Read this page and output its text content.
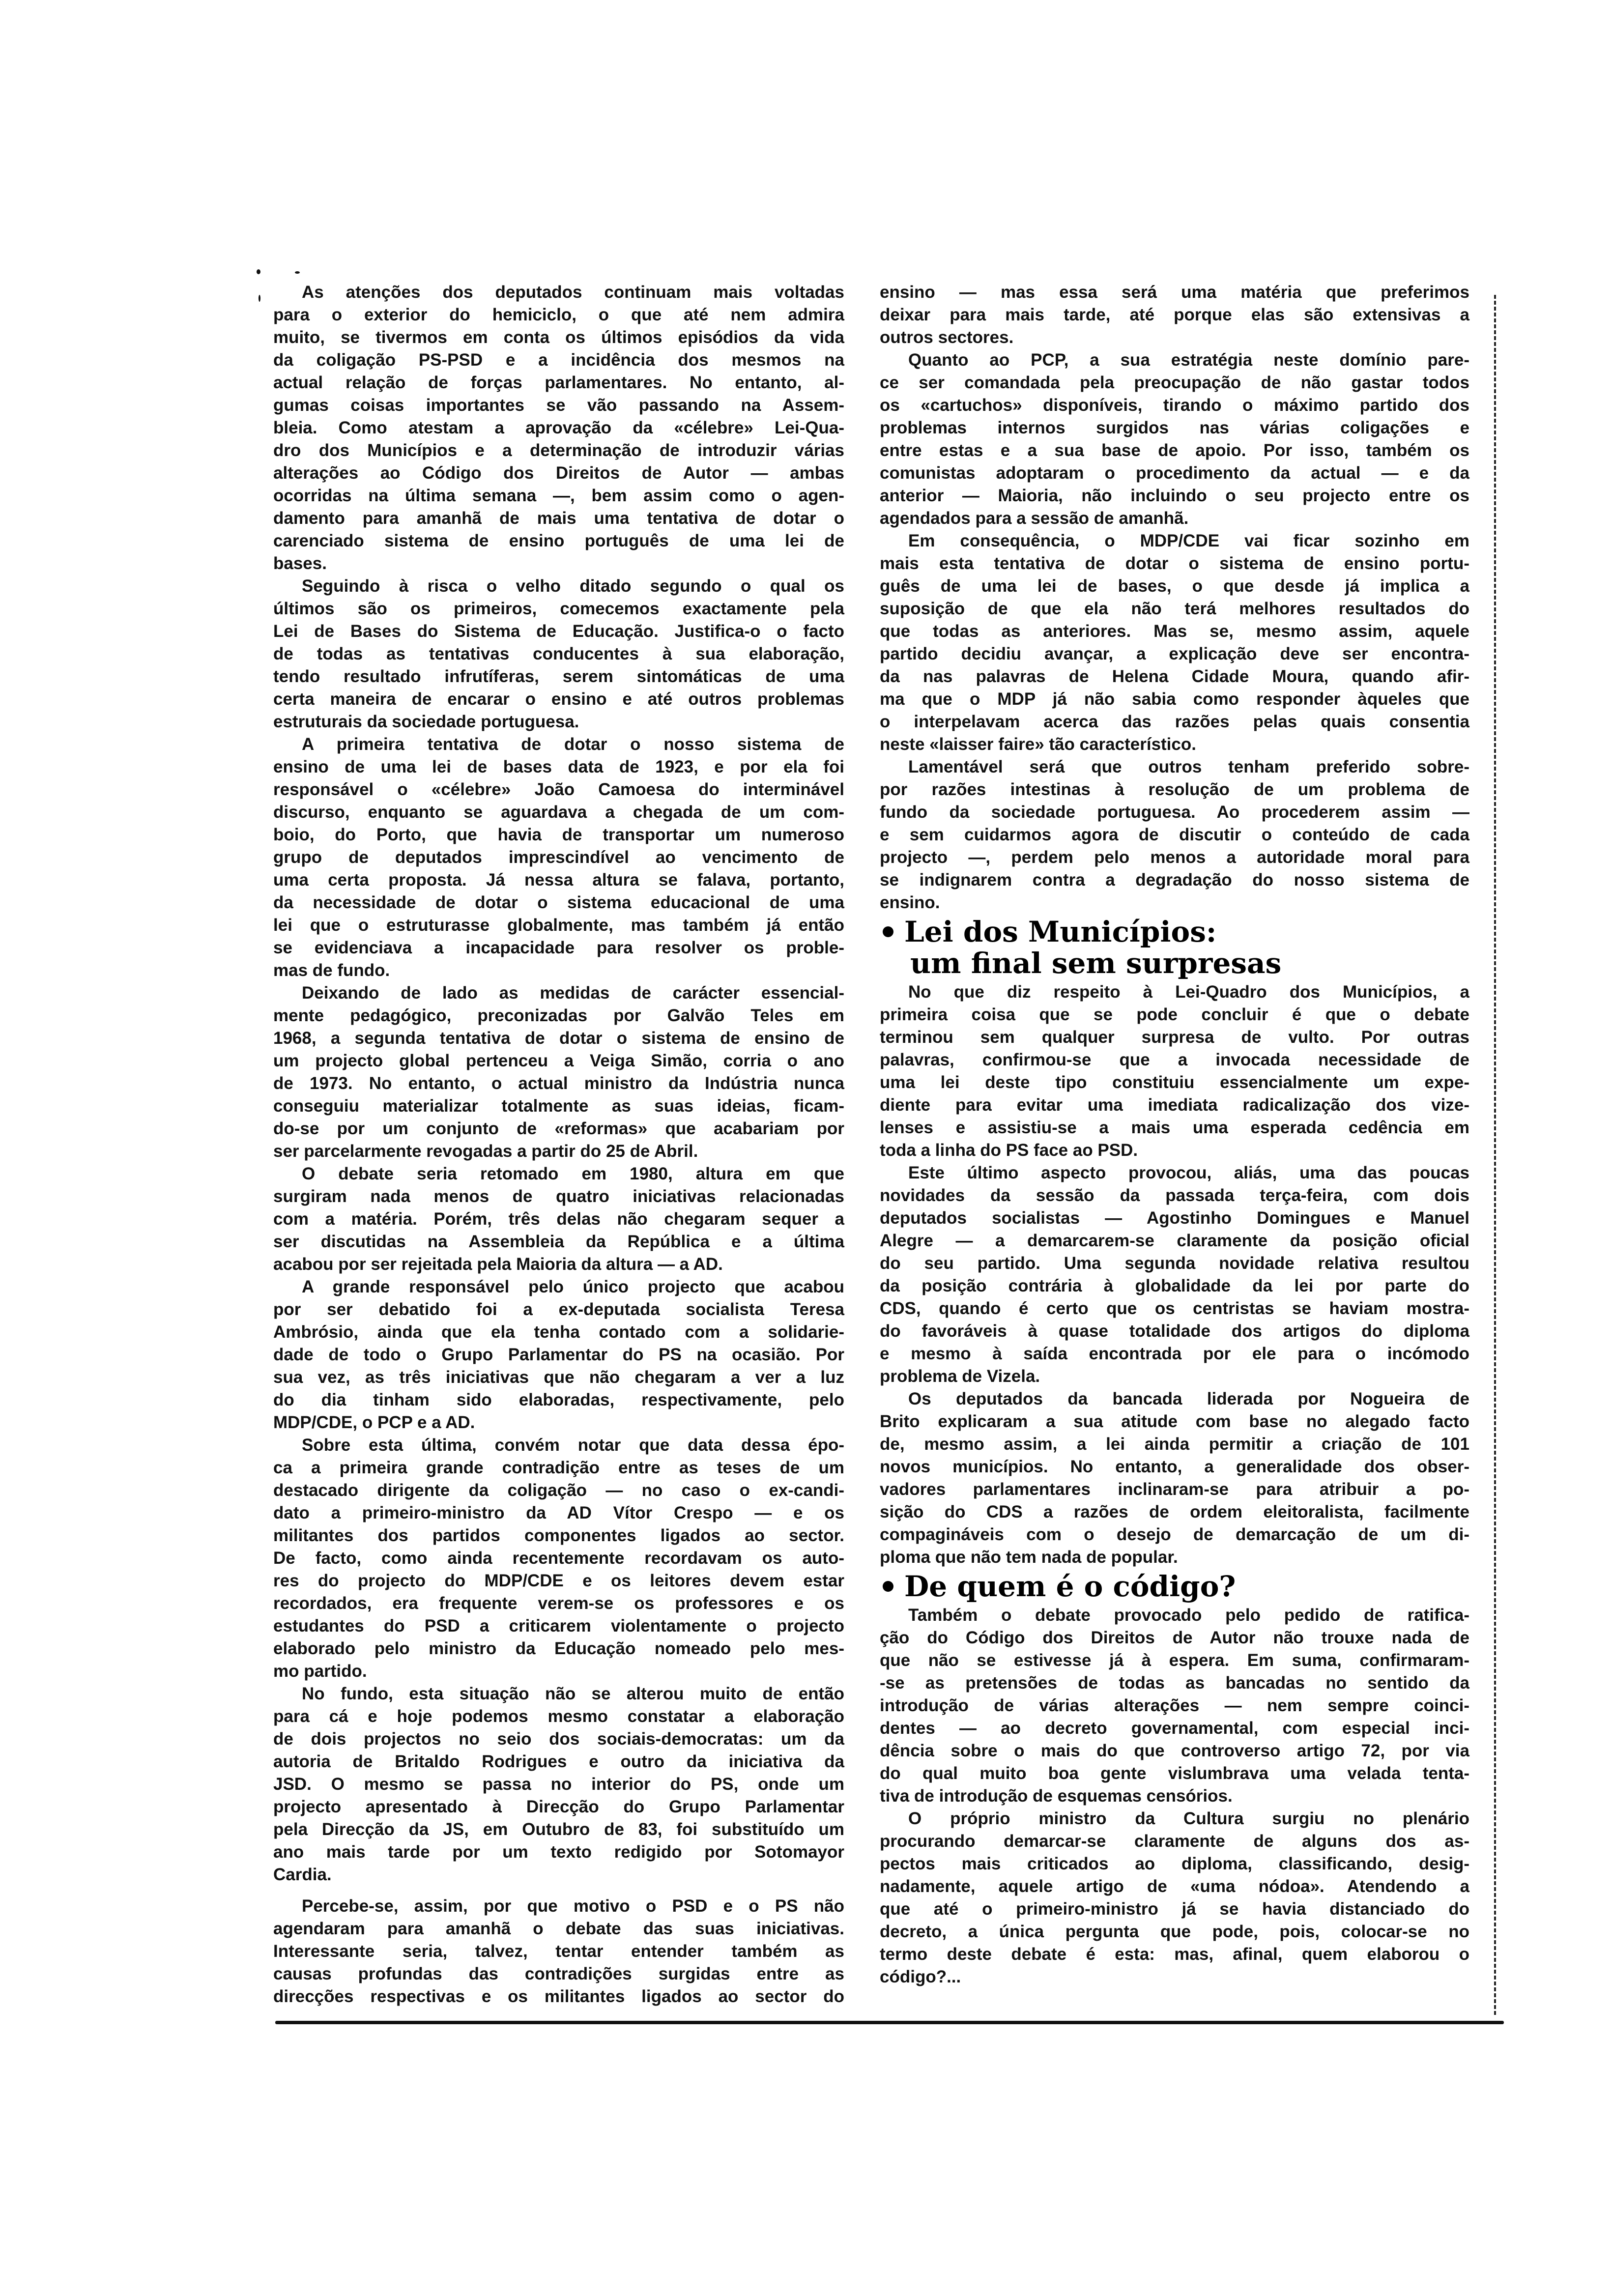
As atenções dos deputados continuam mais voltadas
para o exterior do hemiciclo, o que até nem admira
muito, se tivermos em conta os últimos episódios da vida
da coligação PS-PSD e a incidência dos mesmos na
actual relação de forças parlamentares. No entanto, al-
gumas coisas importantes se vão passando na Assem-
bleia. Como atestam a aprovação da «célebre» Lei-Qua-
dro dos Municípios e a determinação de introduzir várias
alterações ao Código dos Direitos de Autor — ambas
ocorridas na última semana —, bem assim como o agen-
damento para amanhã de mais uma tentativa de dotar o
carenciado sistema de ensino português de uma lei de
bases.
Seguindo à risca o velho ditado segundo o qual os
últimos são os primeiros, comecemos exactamente pela
Lei de Bases do Sistema de Educação. Justifica-o o facto
de todas as tentativas conducentes à sua elaboração,
tendo resultado infrutíferas, serem sintomáticas de uma
certa maneira de encarar o ensino e até outros problemas
estruturais da sociedade portuguesa.
A primeira tentativa de dotar o nosso sistema de
ensino de uma lei de bases data de 1923, e por ela foi
responsável o «célebre» João Camoesa do interminável
discurso, enquanto se aguardava a chegada de um com-
boio, do Porto, que havia de transportar um numeroso
grupo de deputados imprescindível ao vencimento de
uma certa proposta. Já nessa altura se falava, portanto,
da necessidade de dotar o sistema educacional de uma
lei que o estruturasse globalmente, mas também já então
se evidenciava a incapacidade para resolver os proble-
mas de fundo.
Deixando de lado as medidas de carácter essencial-
mente pedagógico, preconizadas por Galvão Teles em
1968, a segunda tentativa de dotar o sistema de ensino de
um projecto global pertenceu a Veiga Simão, corria o ano
de 1973. No entanto, o actual ministro da Indústria nunca
conseguiu materializar totalmente as suas ideias, ficam-
do-se por um conjunto de «reformas» que acabariam por
ser parcelarmente revogadas a partir do 25 de Abril.
O debate seria retomado em 1980, altura em que
surgiram nada menos de quatro iniciativas relacionadas
com a matéria. Porém, três delas não chegaram sequer a
ser discutidas na Assembleia da República e a última
acabou por ser rejeitada pela Maioria da altura — a AD.
A grande responsável pelo único projecto que acabou
por ser debatido foi a ex-deputada socialista Teresa
Ambrósio, ainda que ela tenha contado com a solidarie-
dade de todo o Grupo Parlamentar do PS na ocasião. Por
sua vez, as três iniciativas que não chegaram a ver a luz
do dia tinham sido elaboradas, respectivamente, pelo
MDP/CDE, o PCP e a AD.
Sobre esta última, convém notar que data dessa épo-
ca a primeira grande contradição entre as teses de um
destacado dirigente da coligação — no caso o ex-candi-
dato a primeiro-ministro da AD Vítor Crespo — e os
militantes dos partidos componentes ligados ao sector.
De facto, como ainda recentemente recordavam os auto-
res do projecto do MDP/CDE e os leitores devem estar
recordados, era frequente verem-se os professores e os
estudantes do PSD a criticarem violentamente o projecto
elaborado pelo ministro da Educação nomeado pelo mes-
mo partido.
No fundo, esta situação não se alterou muito de então
para cá e hoje podemos mesmo constatar a elaboração
de dois projectos no seio dos sociais-democratas: um da
autoria de Britaldo Rodrigues e outro da iniciativa da
JSD. O mesmo se passa no interior do PS, onde um
projecto apresentado à Direcção do Grupo Parlamentar
pela Direcção da JS, em Outubro de 83, foi substituído um
ano mais tarde por um texto redigido por Sotomayor
Cardia.
Percebe-se, assim, por que motivo o PSD e o PS não
agendaram para amanhã o debate das suas iniciativas.
Interessante seria, talvez, tentar entender também as
causas profundas das contradições surgidas entre as
direcções respectivas e os militantes ligados ao sector do
ensino — mas essa será uma matéria que preferimos
deixar para mais tarde, até porque elas são extensivas a
outros sectores.
Quanto ao PCP, a sua estratégia neste domínio pare-
ce ser comandada pela preocupação de não gastar todos
os «cartuchos» disponíveis, tirando o máximo partido dos
problemas internos surgidos nas várias coligações e
entre estas e a sua base de apoio. Por isso, também os
comunistas adoptaram o procedimento da actual — e da
anterior — Maioria, não incluindo o seu projecto entre os
agendados para a sessão de amanhã.
Em consequência, o MDP/CDE vai ficar sozinho em
mais esta tentativa de dotar o sistema de ensino portu-
guês de uma lei de bases, o que desde já implica a
suposição de que ela não terá melhores resultados do
que todas as anteriores. Mas se, mesmo assim, aquele
partido decidiu avançar, a explicação deve ser encontra-
da nas palavras de Helena Cidade Moura, quando afir-
ma que o MDP já não sabia como responder àqueles que
o interpelavam acerca das razões pelas quais consentia
neste «laisser faire» tão característico.
Lamentável será que outros tenham preferido sobre-
por razões intestinas à resolução de um problema de
fundo da sociedade portuguesa. Ao procederem assim —
e sem cuidarmos agora de discutir o conteúdo de cada
projecto —, perdem pelo menos a autoridade moral para
se indignarem contra a degradação do nosso sistema de
ensino.
Lei dos Municípios:
um final sem surpresas
No que diz respeito à Lei-Quadro dos Municípios, a
primeira coisa que se pode concluir é que o debate
terminou sem qualquer surpresa de vulto. Por outras
palavras, confirmou-se que a invocada necessidade de
uma lei deste tipo constituiu essencialmente um expe-
diente para evitar uma imediata radicalização dos vize-
lenses e assistiu-se a mais uma esperada cedência em
toda a linha do PS face ao PSD.
Este último aspecto provocou, aliás, uma das poucas
novidades da sessão da passada terça-feira, com dois
deputados socialistas — Agostinho Domingues e Manuel
Alegre — a demarcarem-se claramente da posição oficial
do seu partido. Uma segunda novidade relativa resultou
da posição contrária à globalidade da lei por parte do
CDS, quando é certo que os centristas se haviam mostra-
do favoráveis à quase totalidade dos artigos do diploma
e mesmo à saída encontrada por ele para o incómodo
problema de Vizela.
Os deputados da bancada liderada por Nogueira de
Brito explicaram a sua atitude com base no alegado facto
de, mesmo assim, a lei ainda permitir a criação de 101
novos municípios. No entanto, a generalidade dos obser-
vadores parlamentares inclinaram-se para atribuir a po-
sição do CDS a razões de ordem eleitoralista, facilmente
compagináveis com o desejo de demarcação de um di-
ploma que não tem nada de popular.
De quem é o código?
Também o debate provocado pelo pedido de ratifica-
ção do Código dos Direitos de Autor não trouxe nada de
que não se estivesse já à espera. Em suma, confirmaram-
-se as pretensões de todas as bancadas no sentido da
introdução de várias alterações — nem sempre coinci-
dentes — ao decreto governamental, com especial inci-
dência sobre o mais do que controverso artigo 72, por via
do qual muito boa gente vislumbrava uma velada tenta-
tiva de introdução de esquemas censórios.
O próprio ministro da Cultura surgiu no plenário
procurando demarcar-se claramente de alguns dos as-
pectos mais criticados ao diploma, classificando, desig-
nadamente, aquele artigo de «uma nódoa». Atendendo a
que até o primeiro-ministro já se havia distanciado do
decreto, a única pergunta que pode, pois, colocar-se no
termo deste debate é esta: mas, afinal, quem elaborou o
código?...
